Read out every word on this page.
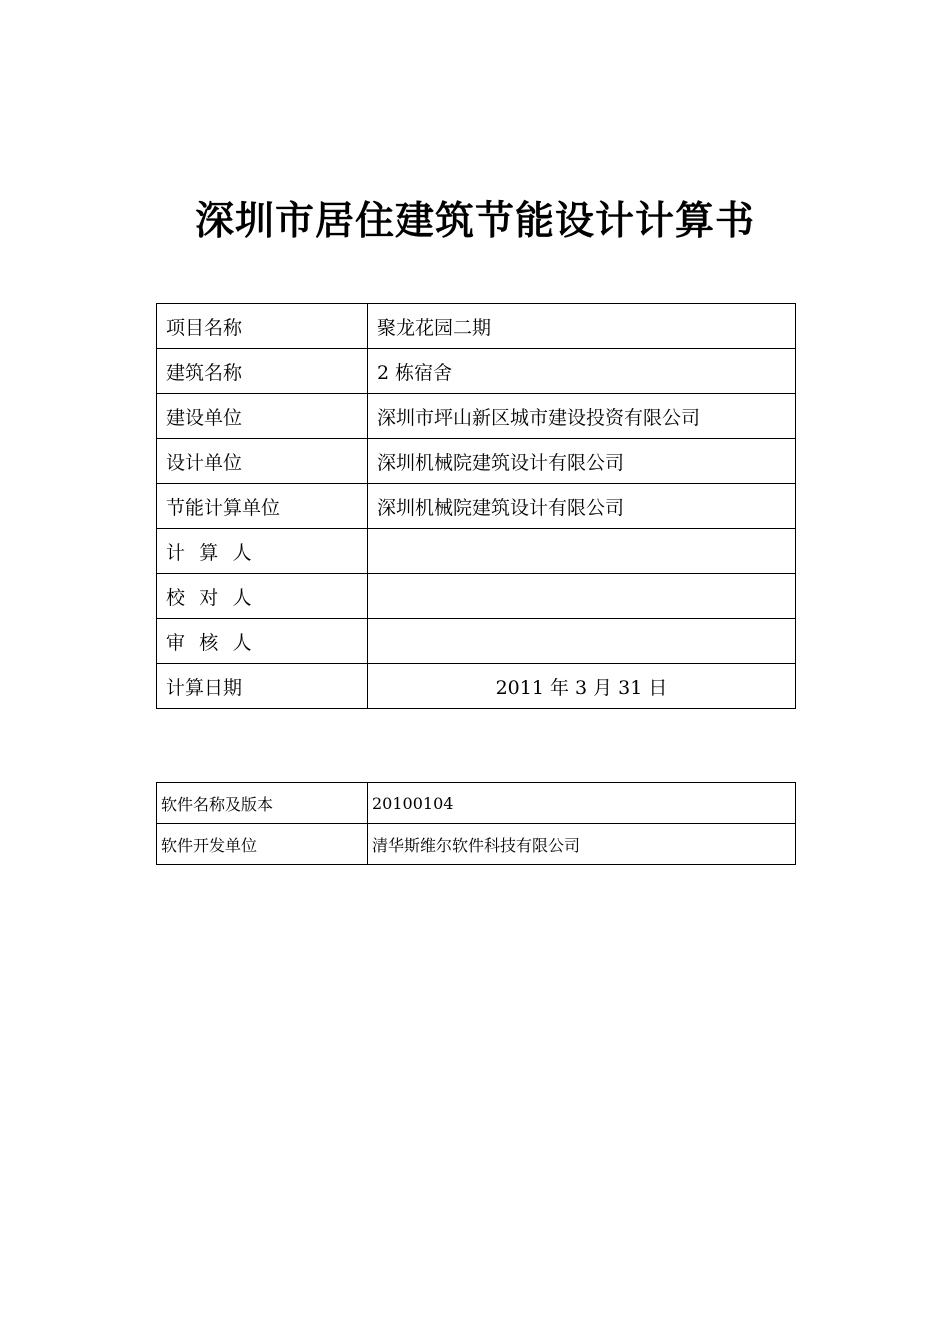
深圳市居住建筑节能设计计算书
项目名称	聚龙花园二期
建筑名称	2 栋宿舍
建设单位	深圳市坪山新区城市建设投资有限公司
设计单位	深圳机械院建筑设计有限公司
节能计算单位	深圳机械院建筑设计有限公司
计算人	
校对人	
审核人	
计算日期	2011 年 3 月 31 日
软件名称及版本	20100104
软件开发单位	清华斯维尔软件科技有限公司
